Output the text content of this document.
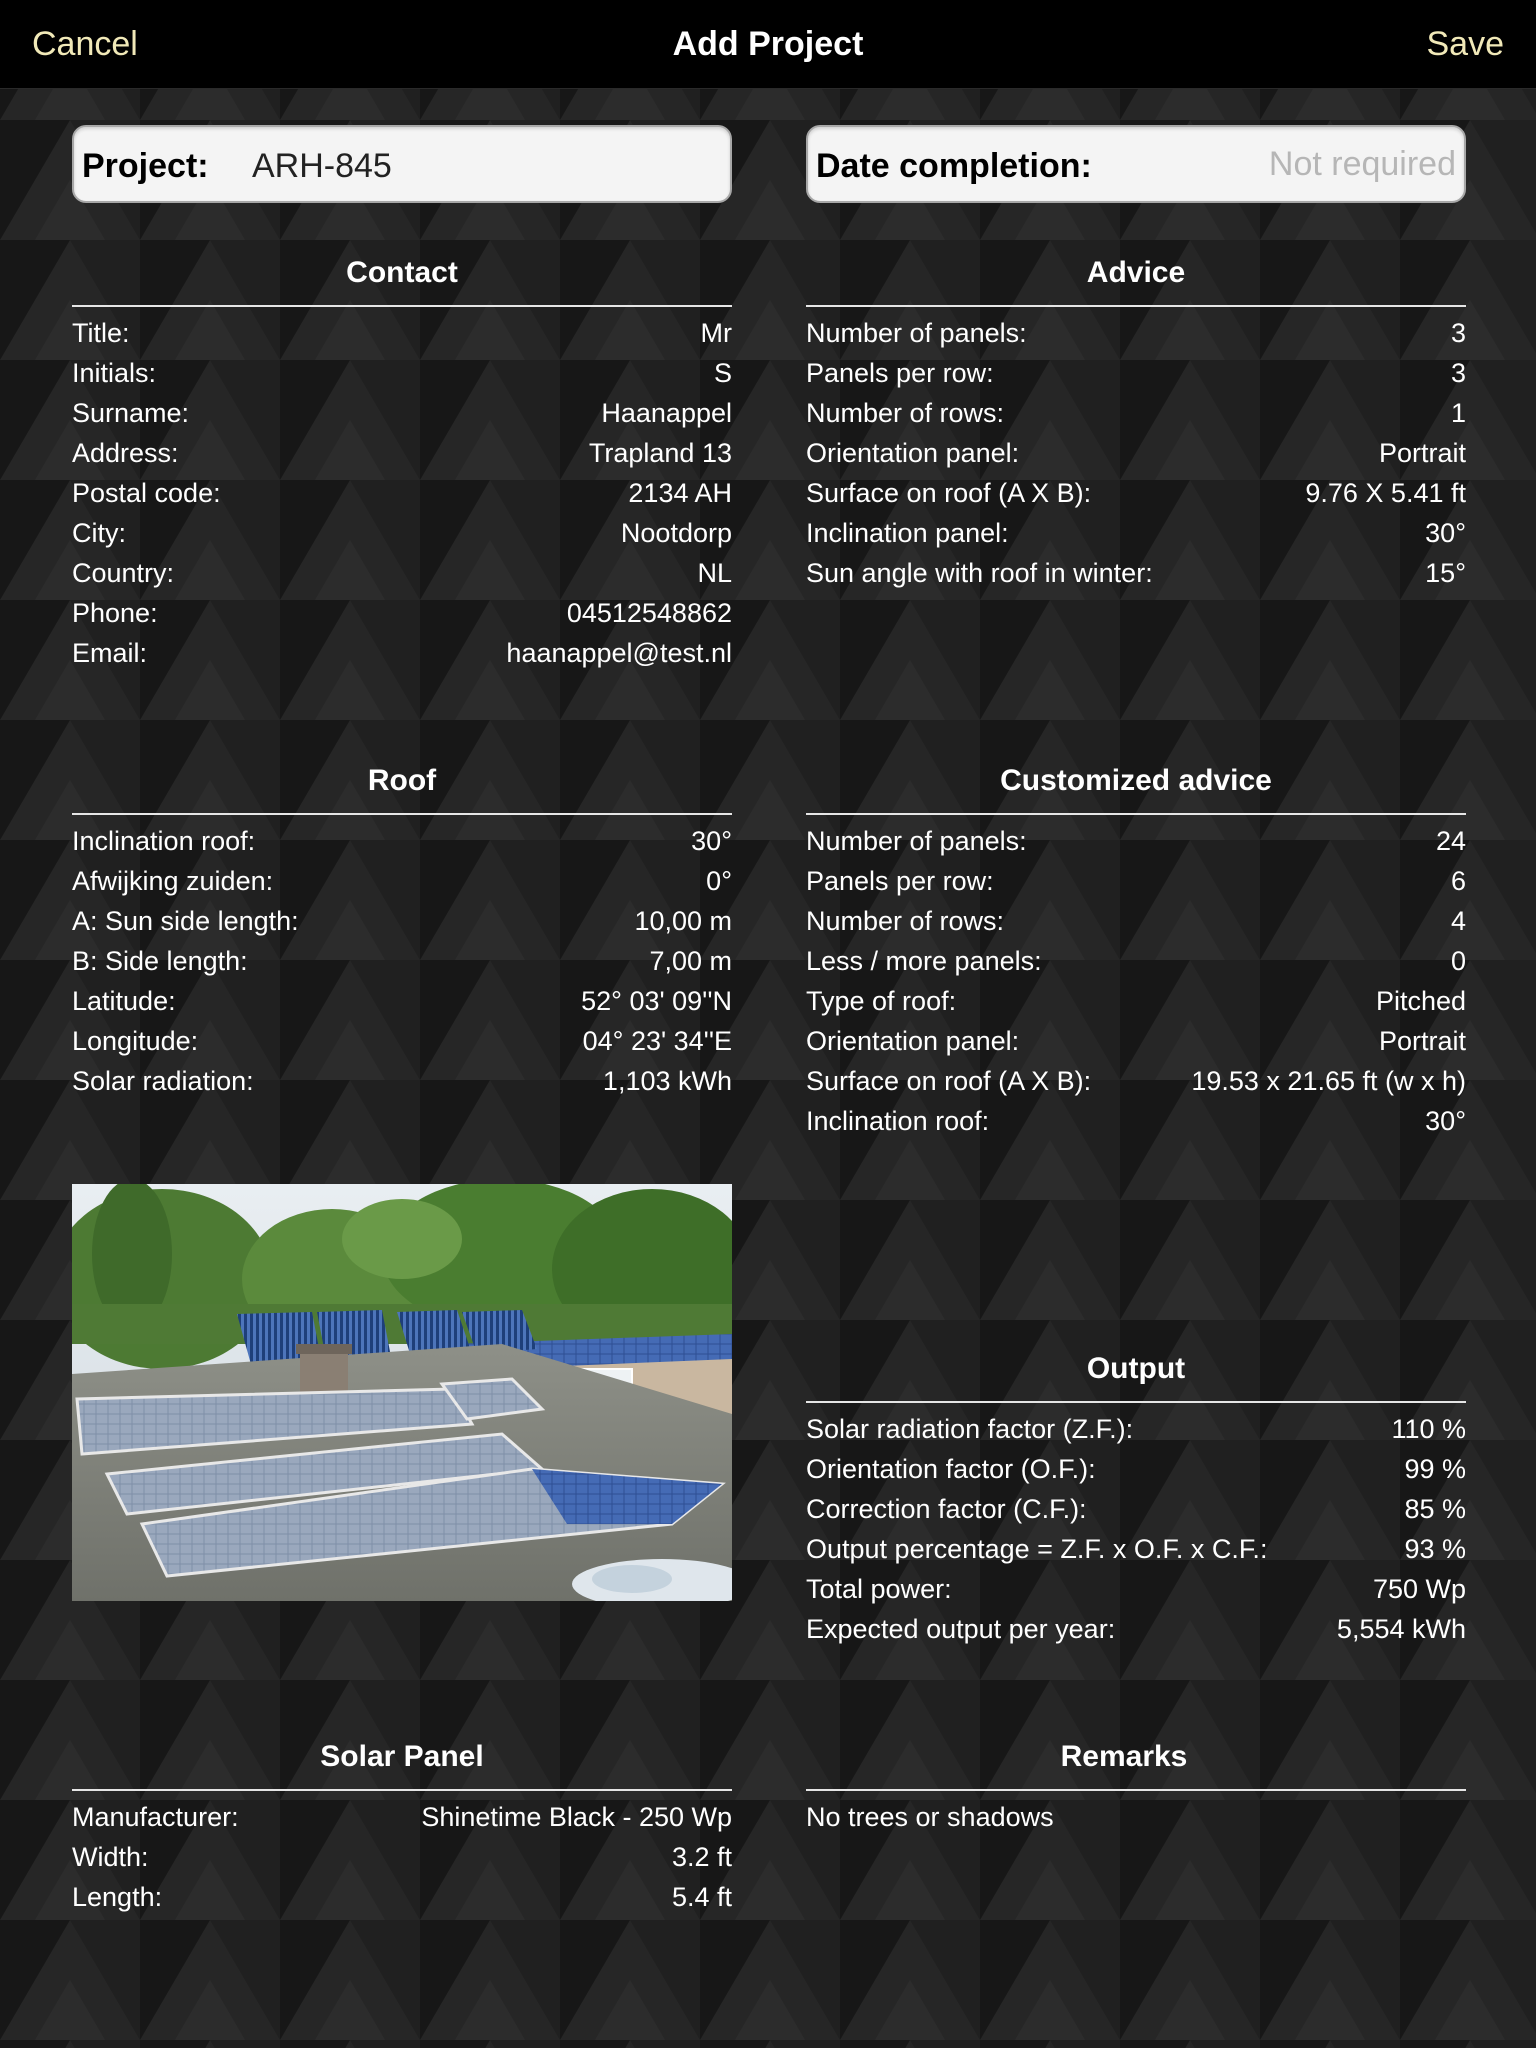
Cancel	Add Project	Save
Project: ARH-845	Date completion:	Not required
Contact
Title:	Mr
Initials:	S
Surname:	Haanappel
Address:	Trapland 13
Postal code:	2134 AH
City:	Nootdorp
Country:	NL
Phone:	04512548862
Email:	haanappel@test.nl
Advice
Number of panels:	3
Panels per row:	3
Number of rows:	1
Orientation panel:	Portrait
Surface on roof (A X B):	9.76 X 5.41 ft
Inclination panel:	30°
Sun angle with roof in winter:	15°
Roof
Inclination roof:	30°
Afwijking zuiden:	0°
A: Sun side length:	10,00 m
B: Side length:	7,00 m
Latitude:	52° 03' 09''N
Longitude:	04° 23' 34''E
Solar radiation:	1,103 kWh
Customized advice
Number of panels:	24
Panels per row:	6
Number of rows:	4
Less / more panels:	0
Type of roof:	Pitched
Orientation panel:	Portrait
Surface on roof (A X B):	19.53 x 21.65 ft (w x h)
Inclination roof:	30°
Output
Solar radiation factor (Z.F.):	110 %
Orientation factor (O.F.):	99 %
Correction factor (C.F.):	85 %
Output percentage = Z.F. x O.F. x C.F.:	93 %
Total power:	750 Wp
Expected output per year:	5,554 kWh
Solar Panel
Manufacturer:	Shinetime Black - 250 Wp
Width:	3.2 ft
Length:	5.4 ft
Remarks
No trees or shadows
